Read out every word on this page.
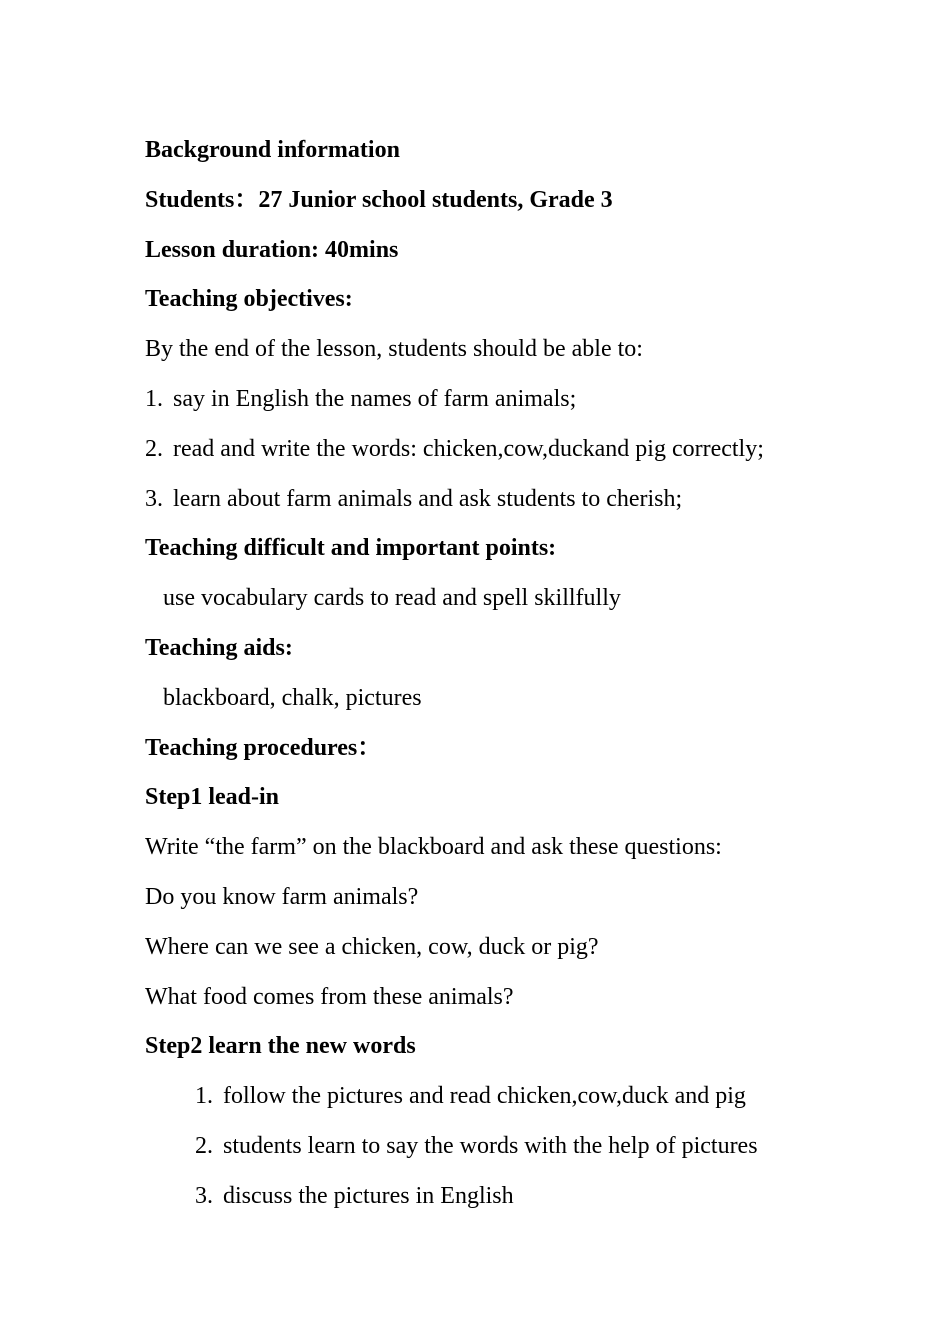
Background information
Students：27 Junior school students, Grade 3
Lesson duration: 40mins
Teaching objectives:
By the end of the lesson, students should be able to:
1. say in English the names of farm animals;
2. read and write the words: chicken,cow,duckand pig correctly;
3. learn about farm animals and ask students to cherish;
Teaching difficult and important points:
use vocabulary cards to read and spell skillfully
Teaching aids:
blackboard, chalk, pictures
Teaching procedures：
Step1 lead-in
Write “the farm” on the blackboard and ask these questions:
Do you know farm animals?
Where can we see a chicken, cow, duck or pig?
What food comes from these animals?
Step2 learn the new words
1. follow the pictures and read chicken,cow,duck and pig
2. students learn to say the words with the help of pictures
3. discuss the pictures in English
